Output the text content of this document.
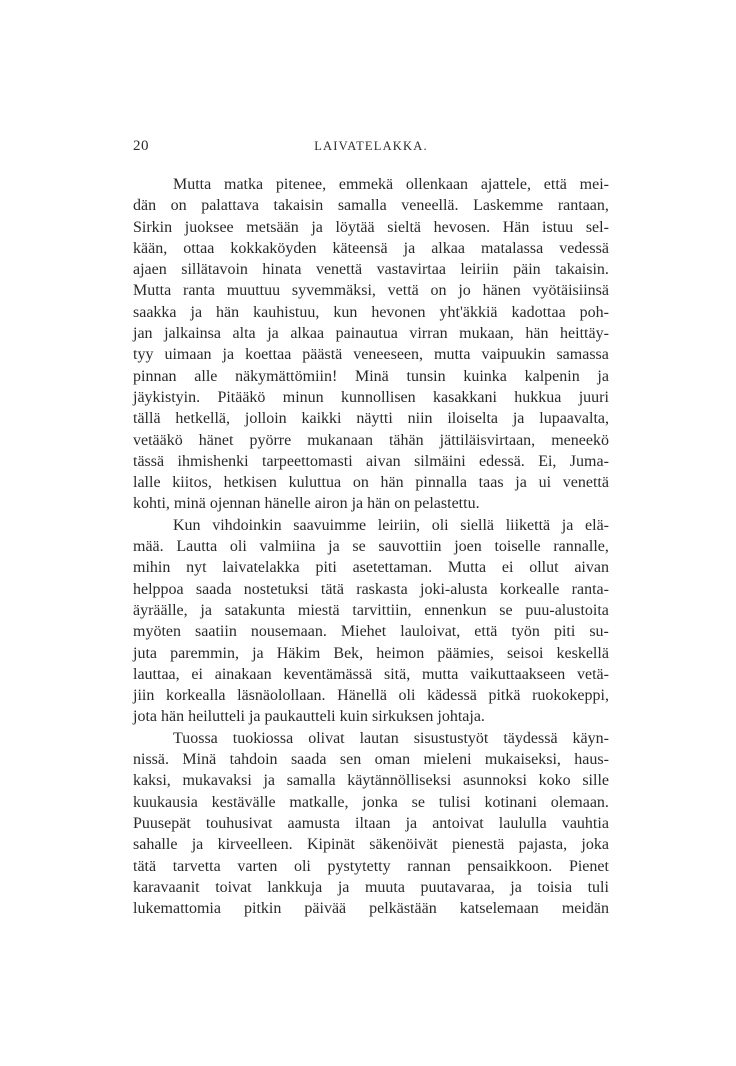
20	LAIVATELAKKA.
Mutta matka pitenee, emmekä ollenkaan ajattele, että mei-
dän on palattava takaisin samalla veneellä. Laskemme rantaan,
Sirkin juoksee metsään ja löytää sieltä hevosen. Hän istuu sel-
kään, ottaa kokkaköyden käteensä ja alkaa matalassa vedessä
ajaen sillätavoin hinata venettä vastavirtaa leiriin päin takaisin.
Mutta ranta muuttuu syvemmäksi, vettä on jo hänen vyötäisiinsä
saakka ja hän kauhistuu, kun hevonen yht'äkkiä kadottaa poh-
jan jalkainsa alta ja alkaa painautua virran mukaan, hän heittäy-
tyy uimaan ja koettaa päästä veneeseen, mutta vaipuukin samassa
pinnan alle näkymättömiin! Minä tunsin kuinka kalpenin ja
jäykistyin. Pitääkö minun kunnollisen kasakkani hukkua juuri
tällä hetkellä, jolloin kaikki näytti niin iloiselta ja lupaavalta,
vetääkö hänet pyörre mukanaan tähän jättiläisvirtaan, meneekö
tässä ihmishenki tarpeettomasti aivan silmäini edessä. Ei, Juma-
lalle kiitos, hetkisen kuluttua on hän pinnalla taas ja ui venettä
kohti, minä ojennan hänelle airon ja hän on pelastettu.
Kun vihdoinkin saavuimme leiriin, oli siellä liikettä ja elä-
mää. Lautta oli valmiina ja se sauvottiin joen toiselle rannalle,
mihin nyt laivatelakka piti asetettaman. Mutta ei ollut aivan
helppoa saada nostetuksi tätä raskasta joki-alusta korkealle ranta-
äyräälle, ja satakunta miestä tarvittiin, ennenkun se puu-alustoita
myöten saatiin nousemaan. Miehet lauloivat, että työn piti su-
juta paremmin, ja Häkim Bek, heimon päämies, seisoi keskellä
lauttaa, ei ainakaan keventämässä sitä, mutta vaikuttaakseen vetä-
jiin korkealla läsnäolollaan. Hänellä oli kädessä pitkä ruokokeppi,
jota hän heilutteli ja paukautteli kuin sirkuksen johtaja.
Tuossa tuokiossa olivat lautan sisustustyöt täydessä käyn-
nissä. Minä tahdoin saada sen oman mieleni mukaiseksi, haus-
kaksi, mukavaksi ja samalla käytännölliseksi asunnoksi koko sille
kuukausia kestävälle matkalle, jonka se tulisi kotinani olemaan.
Puusepät touhusivat aamusta iltaan ja antoivat laululla vauhtia
sahalle ja kirveelleen. Kipinät säkenöivät pienestä pajasta, joka
tätä tarvetta varten oli pystytetty rannan pensaikkoon. Pienet
karavaanit toivat lankkuja ja muuta puutavaraa, ja toisia tuli
lukemattomia pitkin päivää pelkästään katselemaan meidän
